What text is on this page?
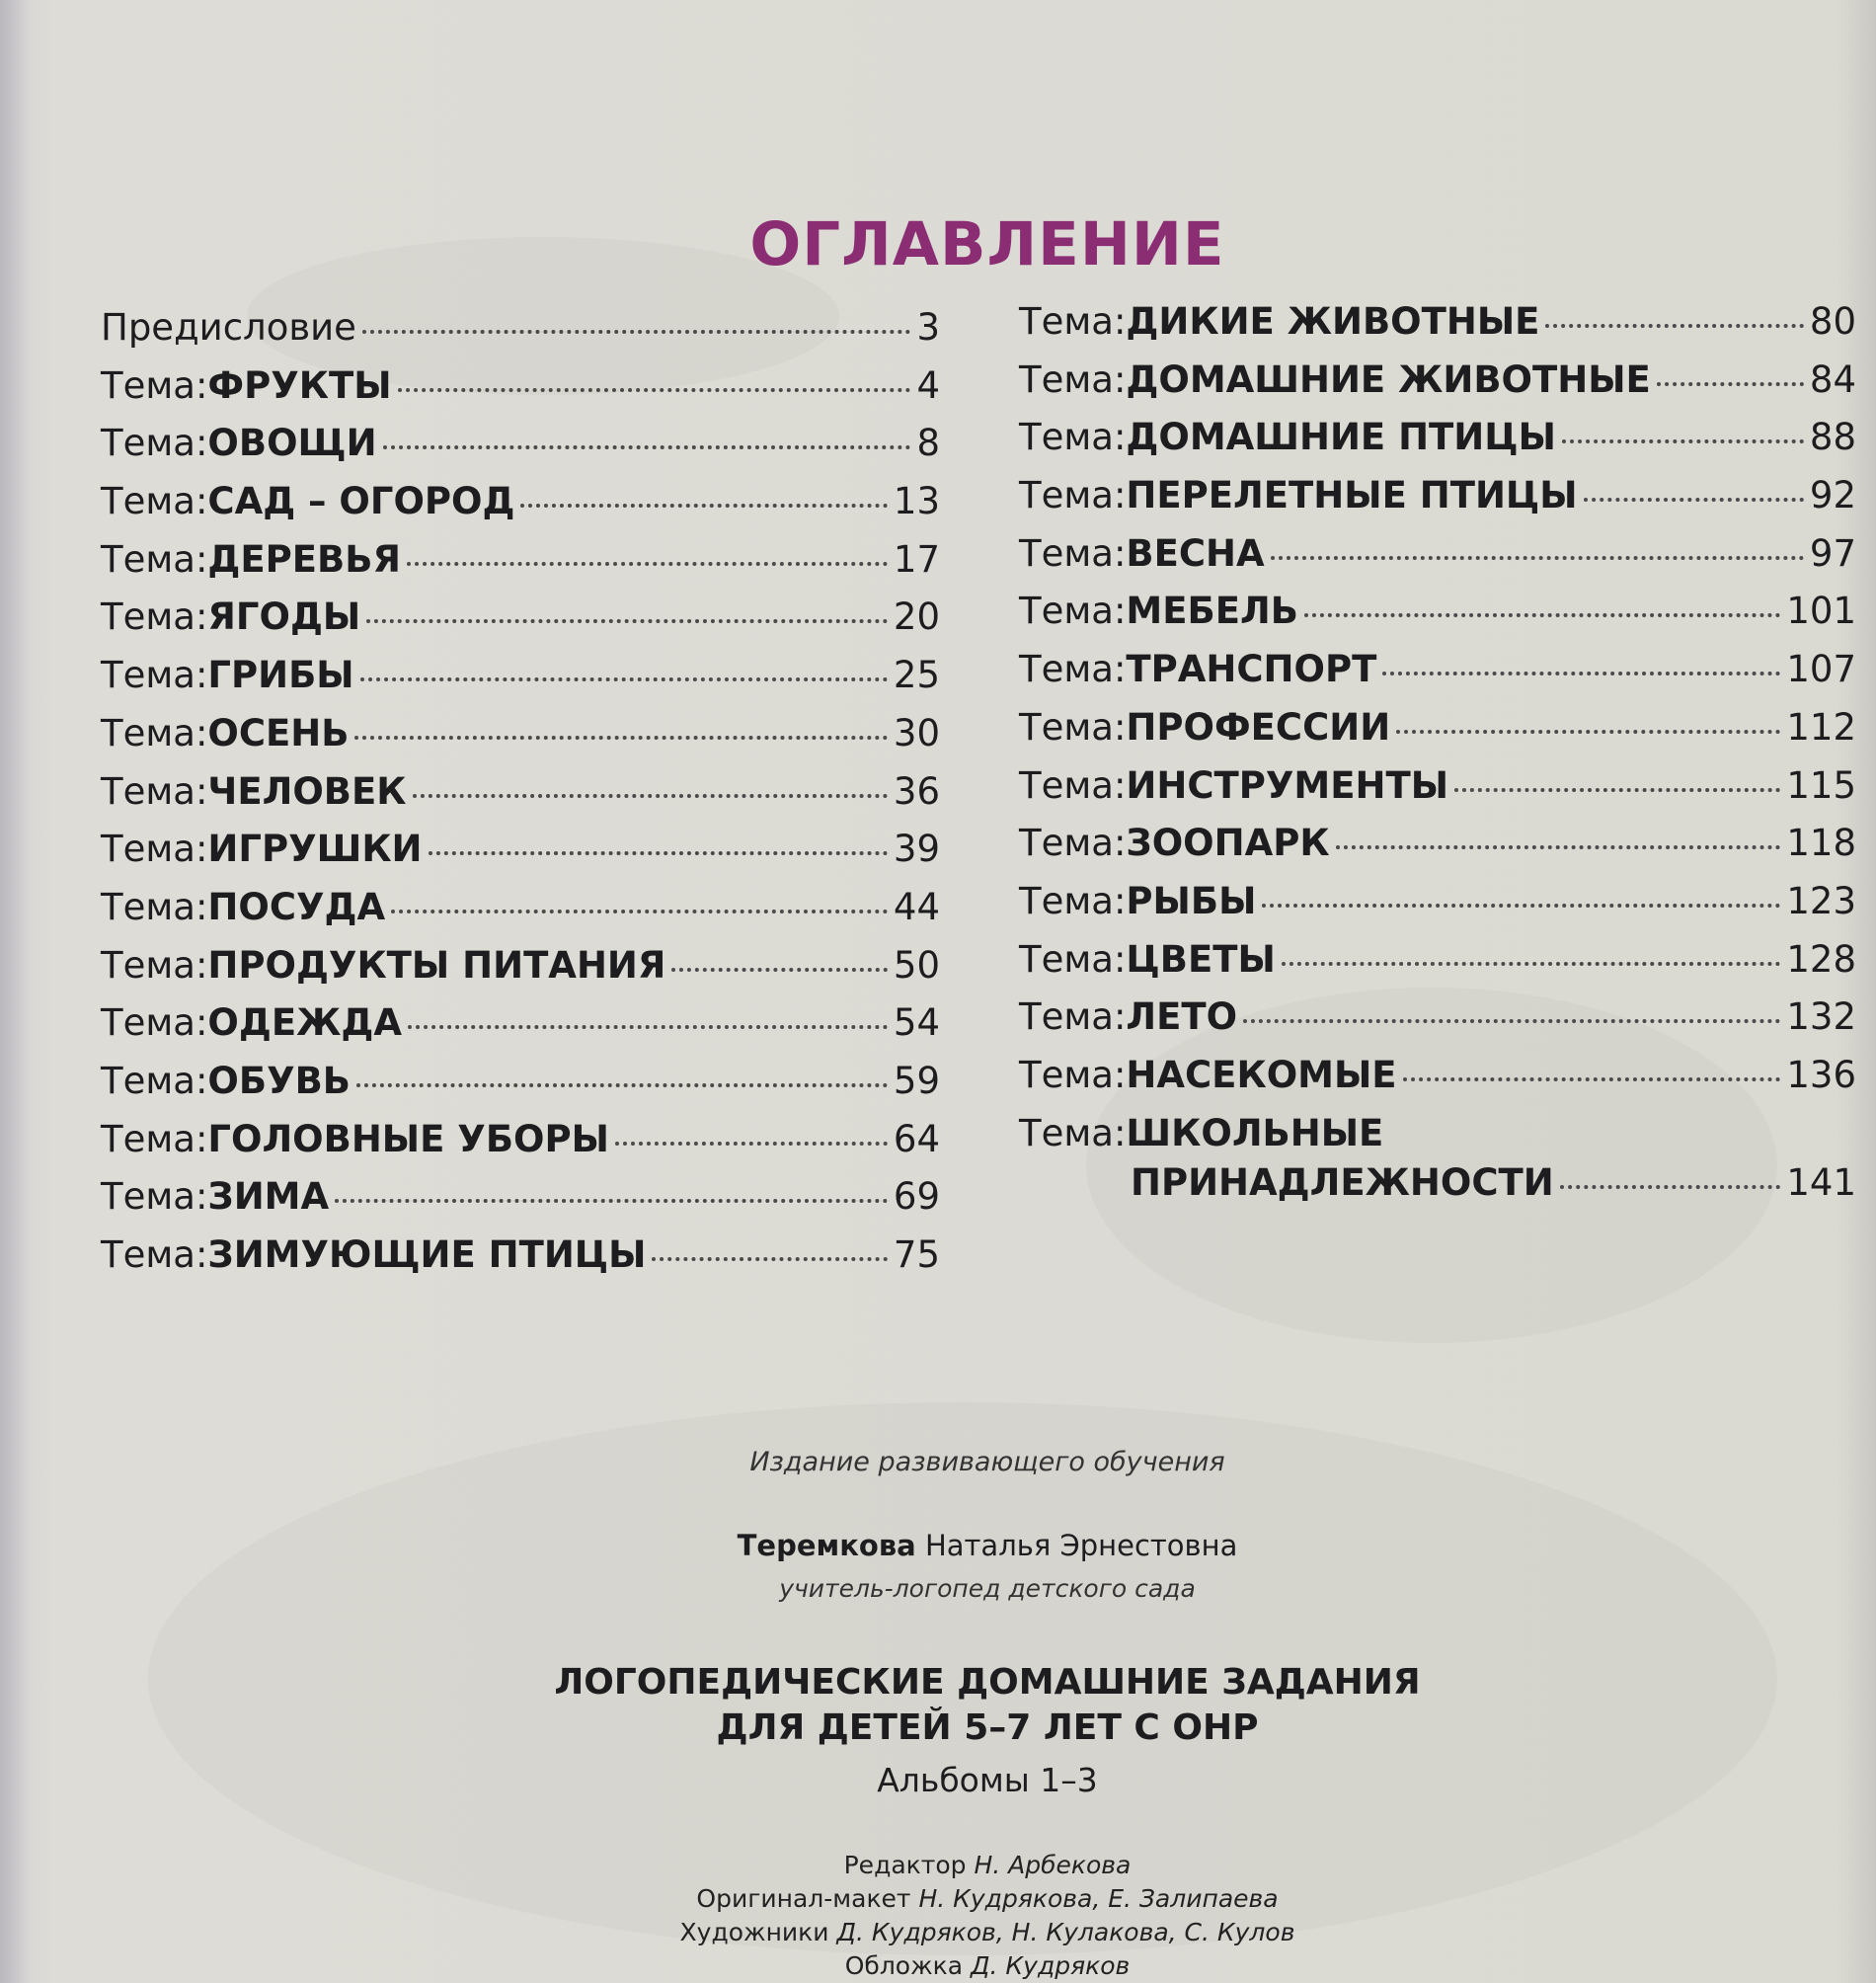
ОГЛАВЛЕНИЕ
Предисловие	3
Тема: ФРУКТЫ	4
Тема: ОВОЩИ	8
Тема: САД – ОГОРОД	13
Тема: ДЕРЕВЬЯ	17
Тема: ЯГОДЫ	20
Тема: ГРИБЫ	25
Тема: ОСЕНЬ	30
Тема: ЧЕЛОВЕК	36
Тема: ИГРУШКИ	39
Тема: ПОСУДА	44
Тема: ПРОДУКТЫ ПИТАНИЯ	50
Тема: ОДЕЖДА	54
Тема: ОБУВЬ	59
Тема: ГОЛОВНЫЕ УБОРЫ	64
Тема: ЗИМА	69
Тема: ЗИМУЮЩИЕ ПТИЦЫ	75
Тема: ДИКИЕ ЖИВОТНЫЕ	80
Тема: ДОМАШНИЕ ЖИВОТНЫЕ	84
Тема: ДОМАШНИЕ ПТИЦЫ	88
Тема: ПЕРЕЛЕТНЫЕ ПТИЦЫ	92
Тема: ВЕСНА	97
Тема: МЕБЕЛЬ	101
Тема: ТРАНСПОРТ	107
Тема: ПРОФЕССИИ	112
Тема: ИНСТРУМЕНТЫ	115
Тема: ЗООПАРК	118
Тема: РЫБЫ	123
Тема: ЦВЕТЫ	128
Тема: ЛЕТО	132
Тема: НАСЕКОМЫЕ	136
Тема: ШКОЛЬНЫЕ
ПРИНАДЛЕЖНОСТИ	141
Издание развивающего обучения
Теремкова Наталья Эрнестовна
учитель-логопед детского сада
ЛОГОПЕДИЧЕСКИЕ ДОМАШНИЕ ЗАДАНИЯ
ДЛЯ ДЕТЕЙ 5–7 ЛЕТ С ОНР
Альбомы 1–3
Редактор Н. Арбекова
Оригинал-макет Н. Кудрякова, Е. Залипаева
Художники Д. Кудряков, Н. Кулакова, С. Кулов
Обложка Д. Кудряков
